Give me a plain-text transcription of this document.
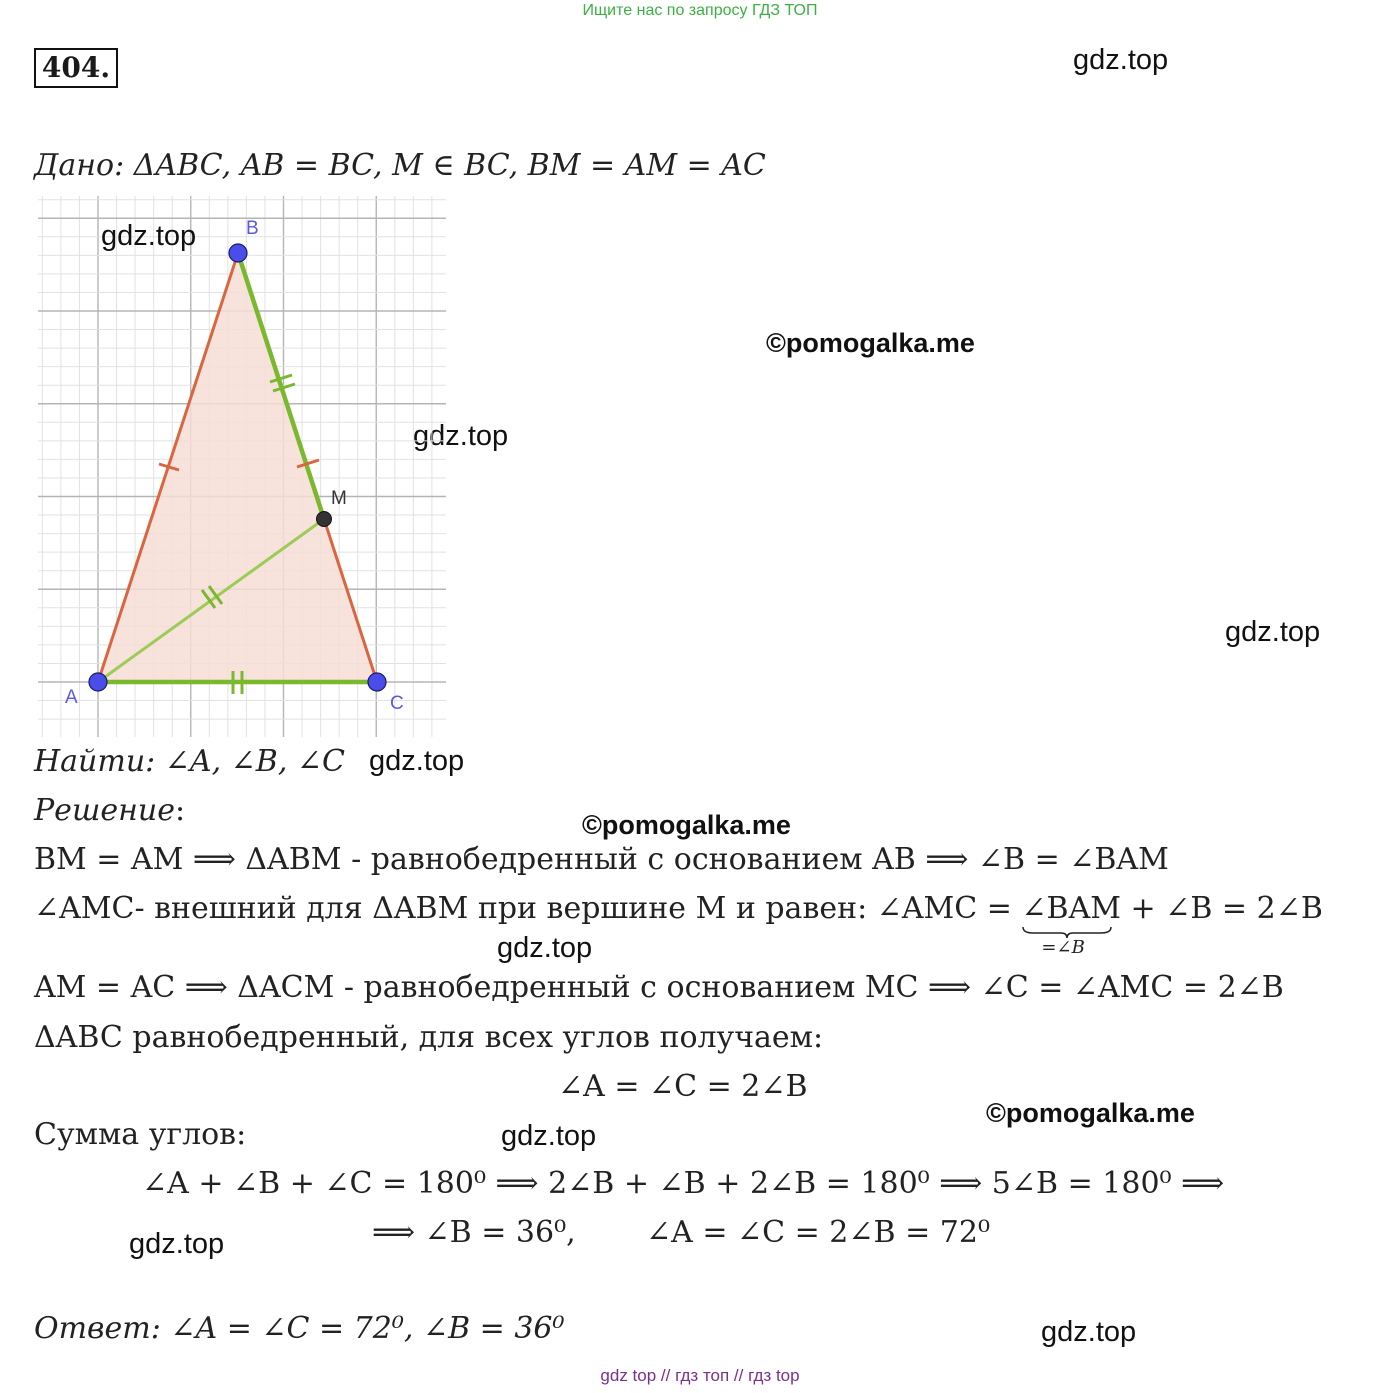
Ищите нас по запросу ГДЗ ТОП
404.	gdz.top
©pomogalka.me
gdz.top
gdz.top
gdz.top
©pomogalka.me
gdz.top
©pomogalka.me
gdz.top
gdz.top
gdz.top
Дано: ΔABC, AB = BC, M ∈ BC, BM = AM = AC
B
A	C
M
gdz.top
Найти: ∠A, ∠B, ∠C
Решение:
BM = AM ⟹ ΔABM - равнобедренный с основанием AB ⟹ ∠B = ∠BAM
∠AMC- внешний для ΔABM при вершине M и равен: ∠AMC = ∠BAM
=∠B
+ ∠B = 2∠B
AM = AC ⟹ ΔACM - равнобедренный с основанием MC ⟹ ∠C = ∠AMC = 2∠B
ΔABC равнобедренный, для всех углов получаем:
∠A = ∠C = 2∠B
Сумма углов:
∠A + ∠B + ∠C = 180⁰ ⟹ 2∠B + ∠B + 2∠B = 180⁰ ⟹ 5∠B = 180⁰ ⟹
⟹ ∠B = 36⁰, ∠A = ∠C = 2∠B = 72⁰
Ответ: ∠A = ∠C = 72⁰, ∠B = 36⁰
gdz top // гдз топ // гдз top
